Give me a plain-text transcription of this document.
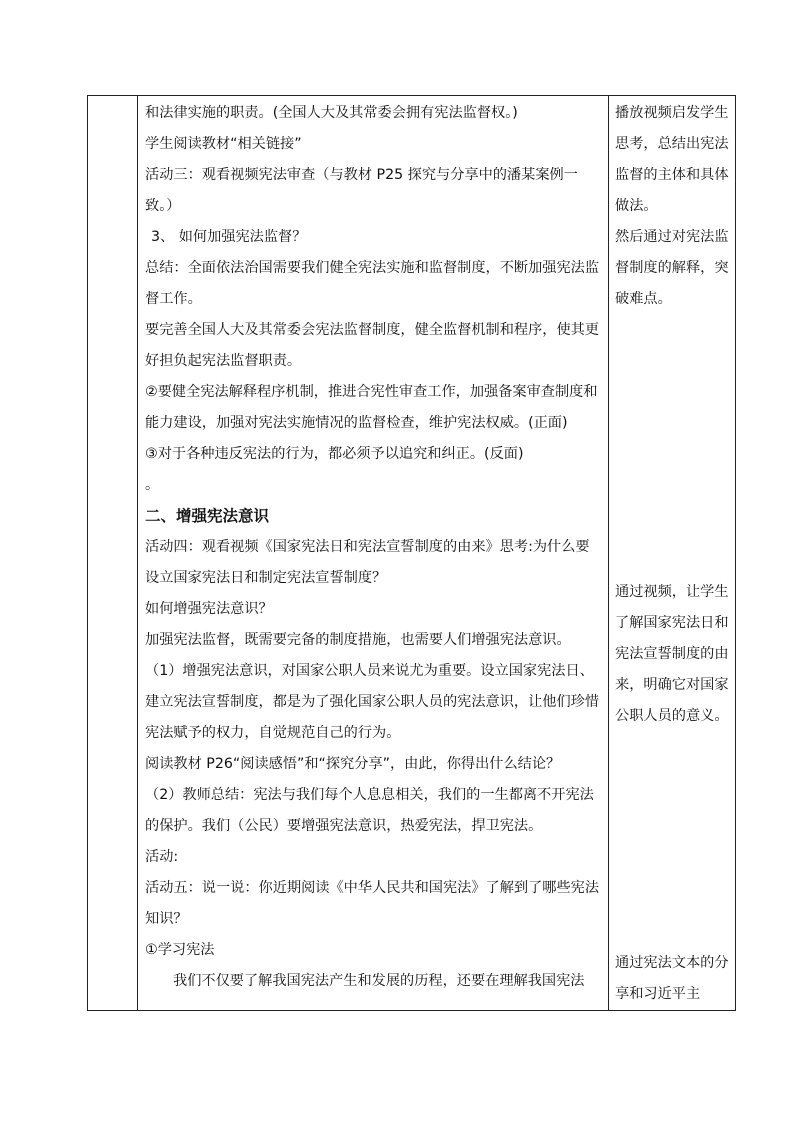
和法律实施的职责。(全国人大及其常委会拥有宪法监督权。)
学生阅读教材“相关链接”
活动三：观看视频宪法审查（与教材 P25 探究与分享中的潘某案例一致。）
3、 如何加强宪法监督？
总结：全面依法治国需要我们健全宪法实施和监督制度，不断加强宪法监督工作。
要完善全国人大及其常委会宪法监督制度，健全监督机制和程序，使其更好担负起宪法监督职责。
②要健全宪法解释程序机制，推进合宪性审查工作，加强备案审查制度和能力建设，加强对宪法实施情况的监督检查，维护宪法权威。(正面)
③对于各种违反宪法的行为，都必须予以追究和纠正。(反面)
。
二、增强宪法意识
活动四：观看视频《国家宪法日和宪法宣誓制度的由来》思考:为什么要设立国家宪法日和制定宪法宣誓制度？
如何增强宪法意识？
加强宪法监督，既需要完备的制度措施，也需要人们增强宪法意识。
（1）增强宪法意识，对国家公职人员来说尤为重要。设立国家宪法日、建立宪法宣誓制度，都是为了强化国家公职人员的宪法意识，让他们珍惜宪法赋予的权力，自觉规范自己的行为。
阅读教材 P26“阅读感悟”和“探究分享”，由此，你得出什么结论？
（2）教师总结：宪法与我们每个人息息相关，我们的一生都离不开宪法的保护。我们（公民）要增强宪法意识，热爱宪法，捍卫宪法。
活动:
活动五：说一说：你近期阅读《中华人民共和国宪法》了解到了哪些宪法知识？
①学习宪法
我们不仅要了解我国宪法产生和发展的历程，还要在理解我国宪法

播放视频启发学生思考，总结出宪法监督的主体和具体做法。
然后通过对宪法监督制度的解释，突破难点。
通过视频，让学生了解国家宪法日和宪法宣誓制度的由来，明确它对国家公职人员的意义。
通过宪法文本的分享和习近平主
